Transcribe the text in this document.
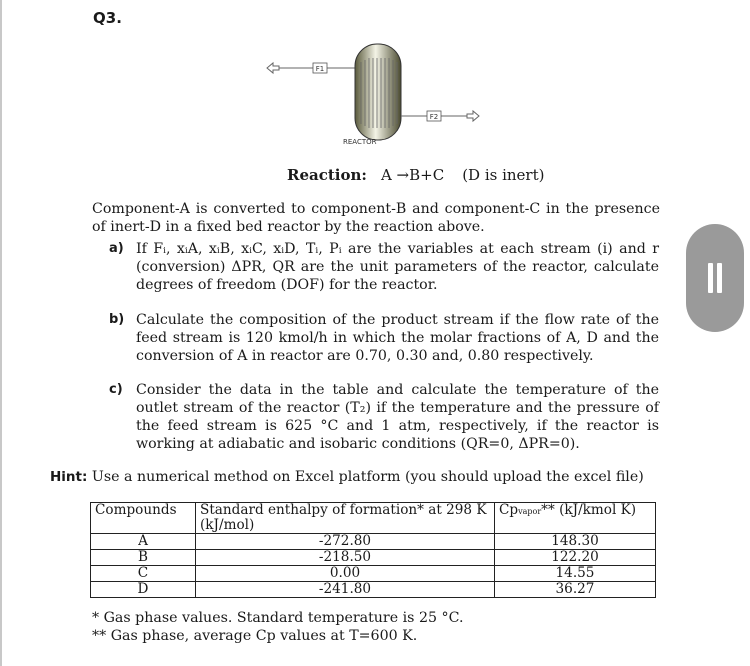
Q3.
F1
F2
REACTOR
Reaction: A →B+C (D is inert)
Component-A is converted to component-B and component-C in the presence of inert-D in a fixed bed reactor by the reaction above.
a) If Fᵢ, xᵢA, xᵢB, xᵢC, xᵢD, Tᵢ, Pᵢ are the variables at each stream (i) and r (conversion) ΔPR, QR are the unit parameters of the reactor, calculate degrees of freedom (DOF) for the reactor.
b) Calculate the composition of the product stream if the flow rate of the feed stream is 120 kmol/h in which the molar fractions of A, D and the conversion of A in reactor are 0.70, 0.30 and, 0.80 respectively.
c) Consider the data in the table and calculate the temperature of the outlet stream of the reactor (T₂) if the temperature and the pressure of the feed stream is 625 °C and 1 atm, respectively, if the reactor is working at adiabatic and isobaric conditions (QR=0, ΔPR=0).
Hint: Use a numerical method on Excel platform (you should upload the excel file)
Compounds	Standard enthalpy of formation* at 298 K (kJ/mol)	Cpvapor** (kJ/kmol K)
A	-272.80	148.30
B	-218.50	122.20
C	0.00	14.55
D	-241.80	36.27
* Gas phase values. Standard temperature is 25 °C.
** Gas phase, average Cp values at T=600 K.
